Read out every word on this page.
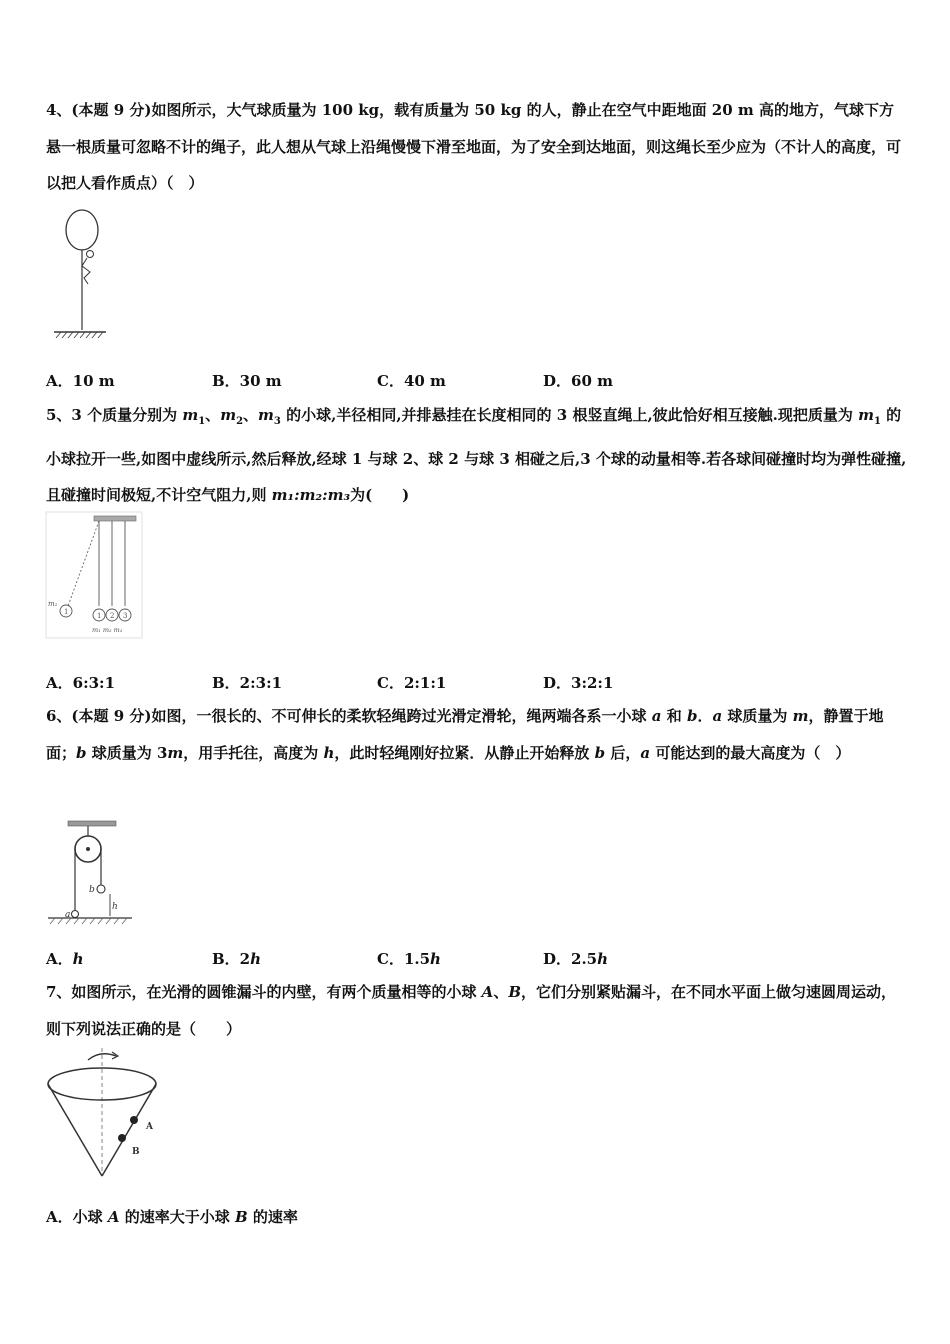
4、(本题 9 分)如图所示，大气球质量为 100 kg，载有质量为 50 kg 的人，静止在空气中距地面 20 m 高的地方，气球下方悬一根质量可忽略不计的绳子，此人想从气球上沿绳慢慢下滑至地面，为了安全到达地面，则这绳长至少应为（不计人的高度，可以把人看作质点）（　）
A．10 m	B．30 m	C．40 m	D．60 m
5、3 个质量分别为 $m_1$、$m_2$、$m_3$ 的小球,半径相同,并排悬挂在长度相同的 3 根竖直绳上,彼此恰好相互接触.现把质量为 $m_1$ 的小球拉开一些,如图中虚线所示,然后释放,经球 1 与球 2、球 2 与球 3 相碰之后,3 个球的动量相等.若各球间碰撞时均为弹性碰撞,且碰撞时间极短,不计空气阻力,则 m₁:m₂:m₃为(　　)
m₁
1	1 2 3
m₁ m₂ m₃
A．6:3:1	B．2:3:1	C．2:1:1	D．3:2:1
6、(本题 9 分)如图，一很长的、不可伸长的柔软轻绳跨过光滑定滑轮，绳两端各系一小球 a 和 b．a 球质量为 m，静置于地面；b 球质量为 3m，用手托往，高度为 h，此时轻绳刚好拉紧．从静止开始释放 b 后，a 可能达到的最大高度为（　）
b
h
a
A．h	B．2h	C．1.5h	D．2.5h
7、如图所示，在光滑的圆锥漏斗的内壁，有两个质量相等的小球 A、B，它们分别紧贴漏斗，在不同水平面上做匀速圆周运动，则下列说法正确的是（　　）
A
B
A．小球 A 的速率大于小球 B 的速率
